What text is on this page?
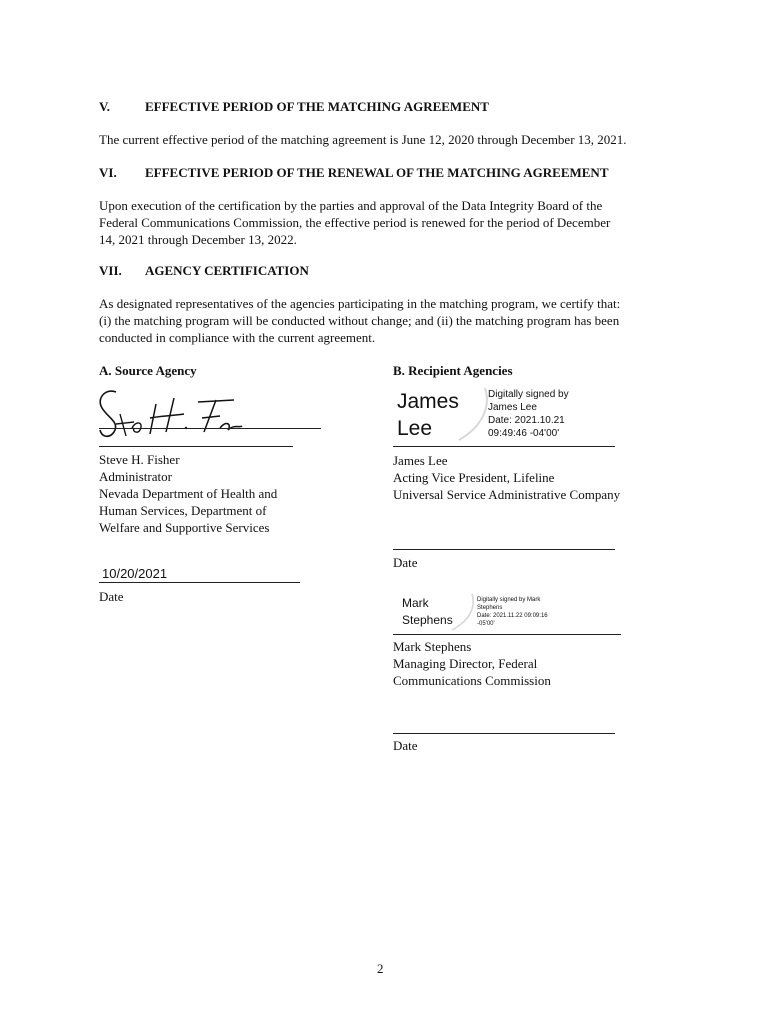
V.	EFFECTIVE PERIOD OF THE MATCHING AGREEMENT
The current effective period of the matching agreement is June 12, 2020 through December 13, 2021.
VI. EFFECTIVE PERIOD OF THE RENEWAL OF THE MATCHING AGREEMENT
Upon execution of the certification by the parties and approval of the Data Integrity Board of the
Federal Communications Commission, the effective period is renewed for the period of December
14, 2021 through December 13, 2022.
VII. AGENCY CERTIFICATION
As designated representatives of the agencies participating in the matching program, we certify that:
(i) the matching program will be conducted without change; and (ii) the matching program has been
conducted in compliance with the current agreement.
A. Source Agency	B. Recipient Agencies
Steve H. Fisher
Administrator
Nevada Department of Health and
Human Services, Department of
Welfare and Supportive Services
10/20/2021
Date
James
Lee
Digitally signed by
James Lee
Date: 2021.10.21
09:49:46 -04'00'
James Lee
Acting Vice President, Lifeline
Universal Service Administrative Company
Date
Mark
Stephens
Digitally signed by Mark
Stephens
Date: 2021.11.22 09:09:16
-05'00'
Mark Stephens
Managing Director, Federal
Communications Commission
Date
2
